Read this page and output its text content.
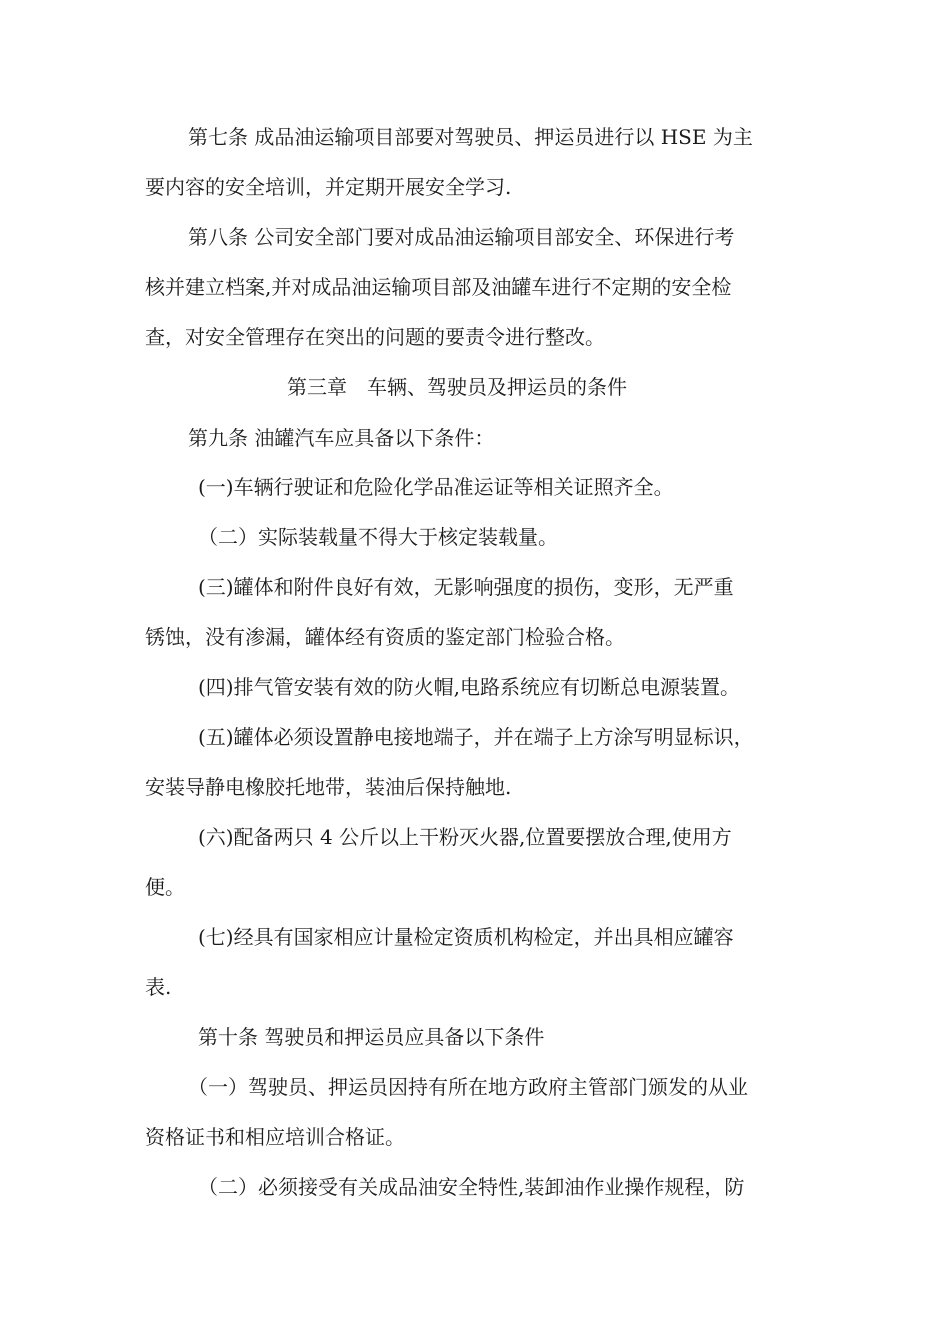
第七条 成品油运输项目部要对驾驶员、押运员进行以 HSE 为主
要内容的安全培训，并定期开展安全学习.
第八条 公司安全部门要对成品油运输项目部安全、环保进行考
核并建立档案,并对成品油运输项目部及油罐车进行不定期的安全检
查，对安全管理存在突出的问题的要责令进行整改。
第三章　车辆、驾驶员及押运员的条件
第九条 油罐汽车应具备以下条件：
(一)车辆行驶证和危险化学品准运证等相关证照齐全。
（二）实际装载量不得大于核定装载量。
(三)罐体和附件良好有效，无影响强度的损伤，变形，无严重
锈蚀，没有渗漏，罐体经有资质的鉴定部门检验合格。
(四)排气管安装有效的防火帽,电路系统应有切断总电源装置。
(五)罐体必须设置静电接地端子，并在端子上方涂写明显标识，
安装导静电橡胶托地带，装油后保持触地.
(六)配备两只 4 公斤以上干粉灭火器,位置要摆放合理,使用方
便。
(七)经具有国家相应计量检定资质机构检定，并出具相应罐容
表.
第十条 驾驶员和押运员应具备以下条件
（一）驾驶员、押运员因持有所在地方政府主管部门颁发的从业
资格证书和相应培训合格证。
（二）必须接受有关成品油安全特性,装卸油作业操作规程，防
